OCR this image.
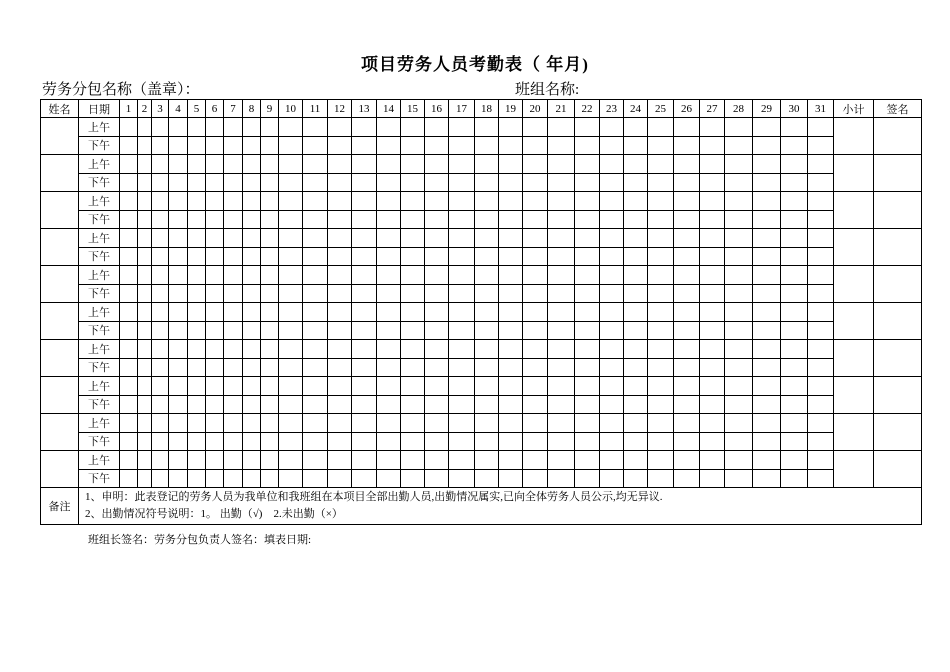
项目劳务人员考勤表（ 年月)
劳务分包名称（盖章）：	班组名称:
姓名	日期	1	2	3	4	5	6	7	8	9	10	11	12	13	14	15	16	17	18	19	20	21	22	23	24	25	26	27	28	29	30	31	小计	签名
	上午																																	
	下午																																	
	上午																																	
	下午																																	
	上午																																	
	下午																																	
	上午																																	
	下午																																	
	上午																																	
	下午																																	
	上午																																	
	下午																																	
	上午																																	
	下午																																	
	上午																																	
	下午																																	
	上午																																	
	下午																																	
	上午																																	
	下午																																	
备注	1、申明：此表登记的劳务人员为我单位和我班组在本项目全部出勤人员,出勤情况属实,已向全体劳务人员公示,均无异议.
2、出勤情况符号说明：1。 出勤（√)　2.未出勤（×）																																	
班组长签名：劳务分包负责人签名：填表日期:
